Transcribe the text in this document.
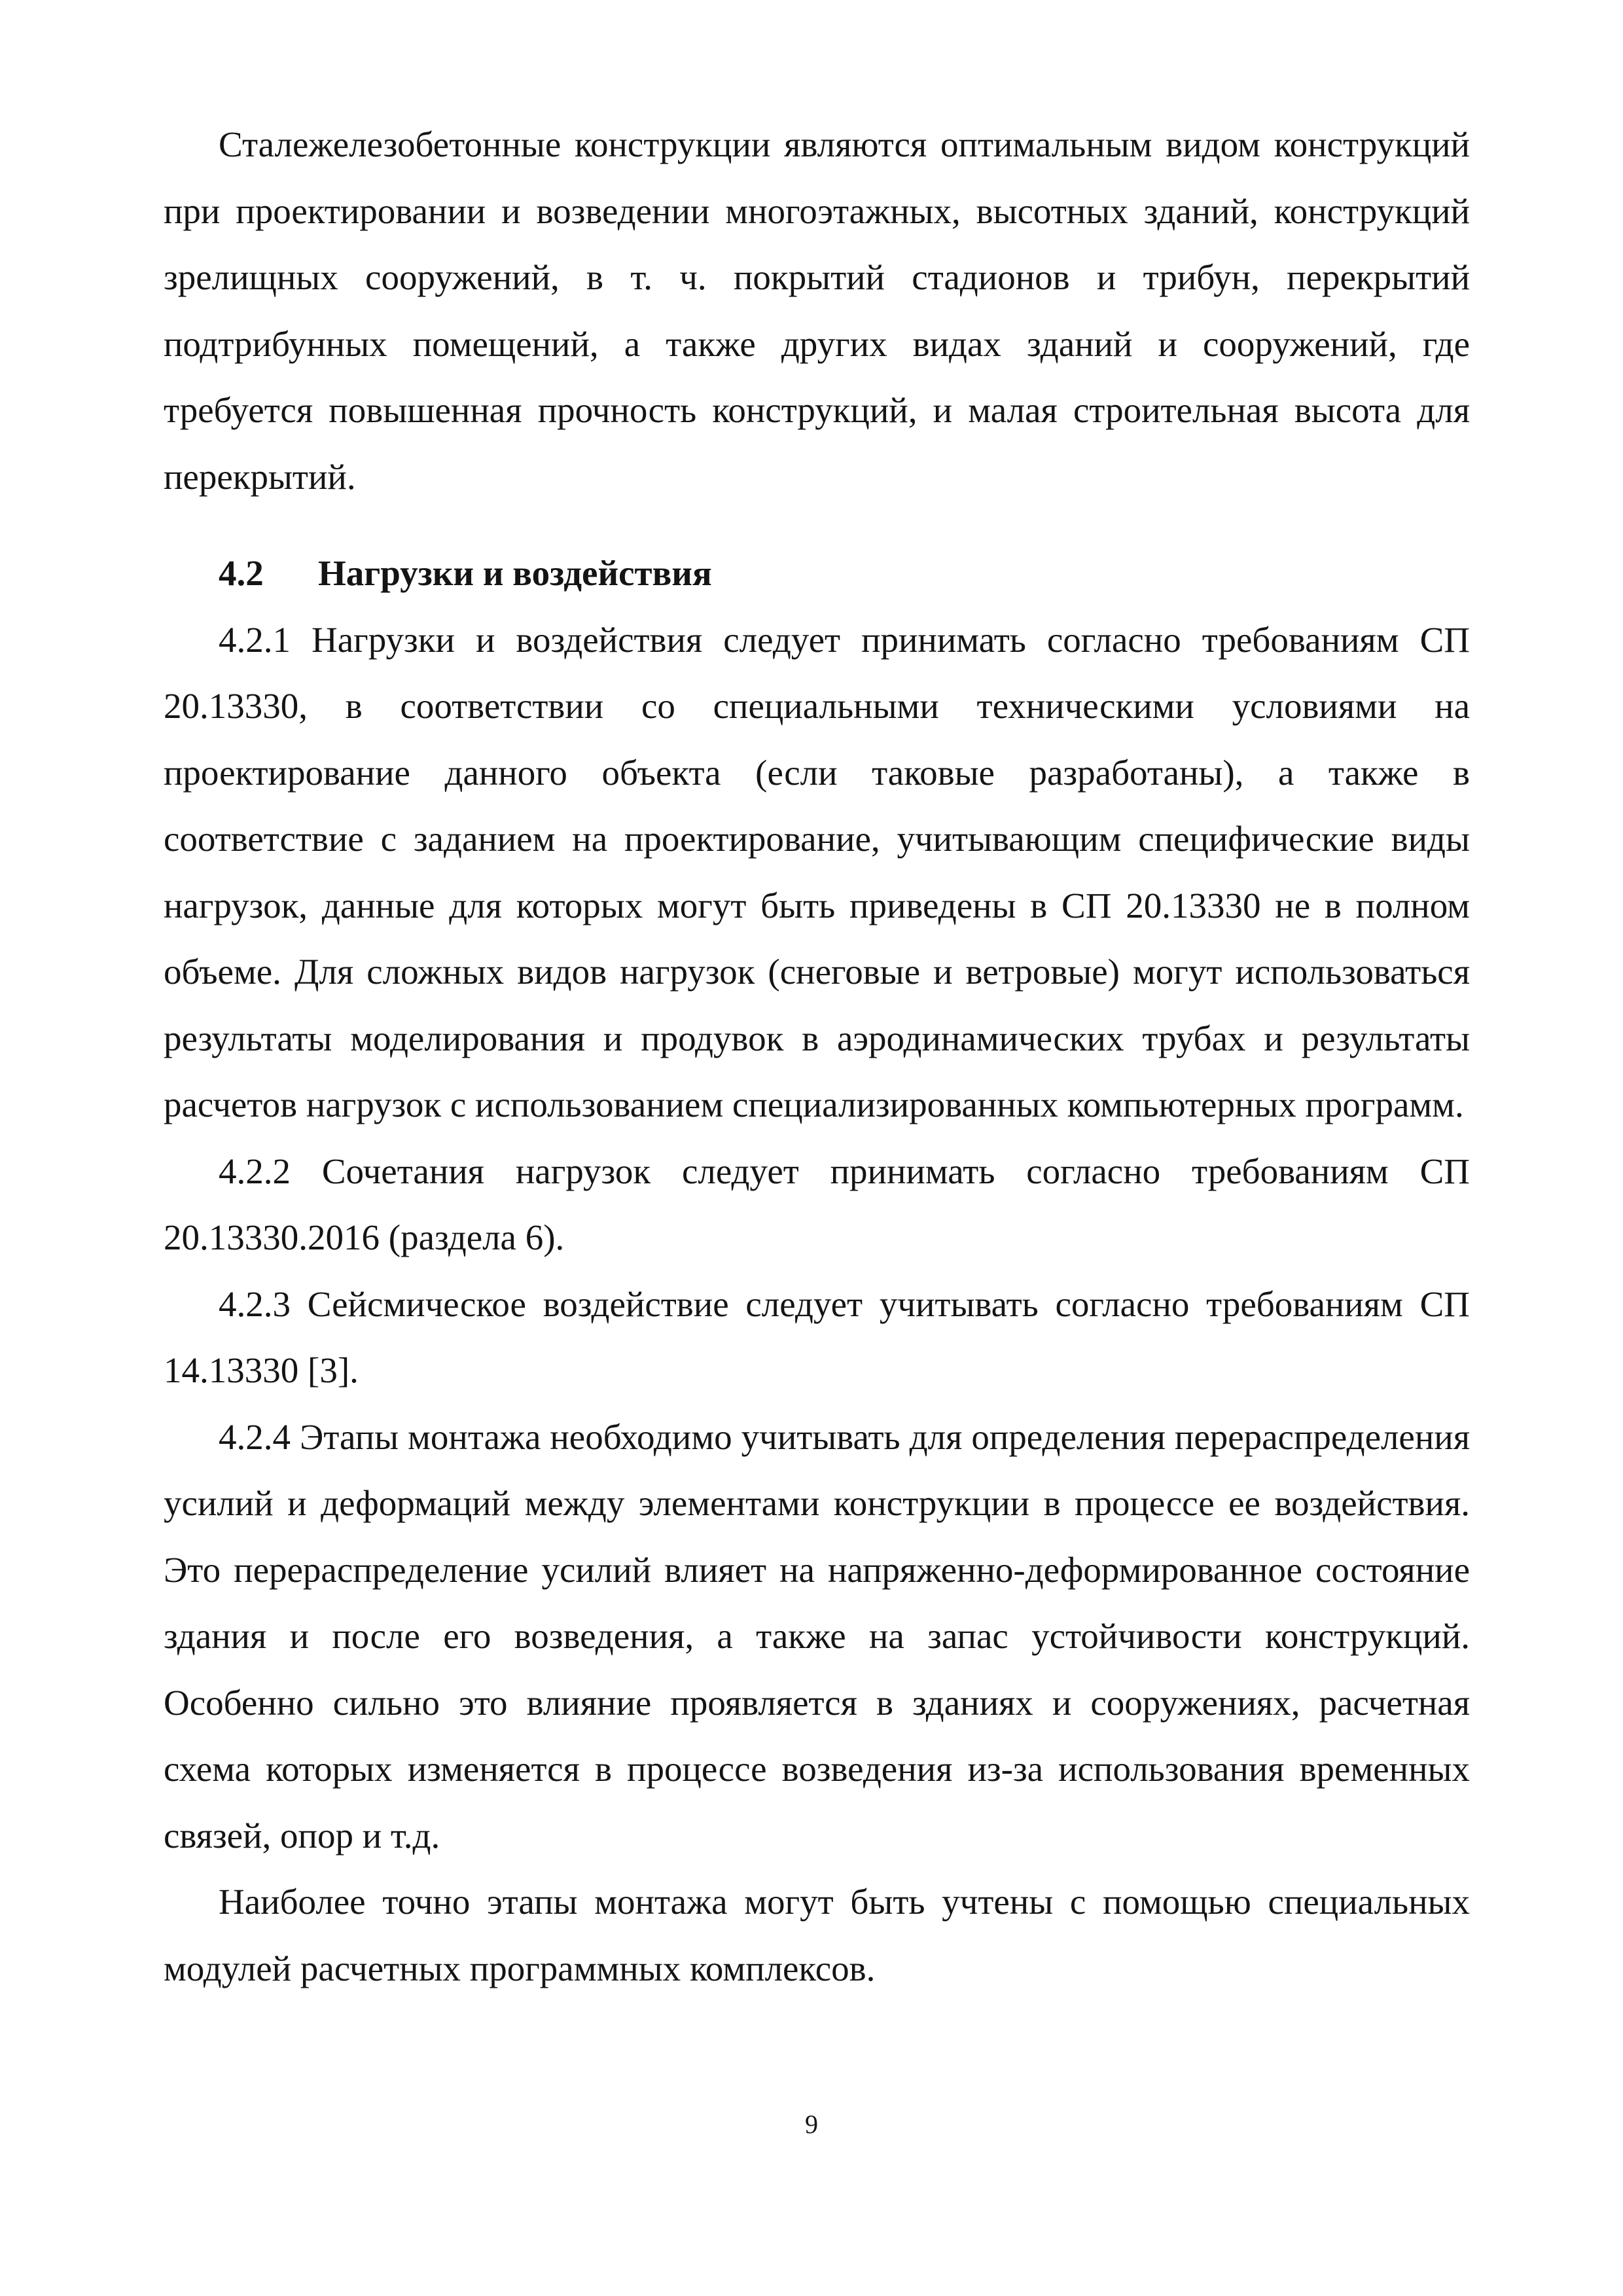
Сталежелезобетонные конструкции являются оптимальным видом конструкций при проектировании и возведении многоэтажных, высотных зданий, конструкций зрелищных сооружений, в т. ч. покрытий стадионов и трибун, перекрытий подтрибунных помещений, а также других видах зданий и сооружений, где требуется повышенная прочность конструкций, и малая строительная высота для перекрытий.

4.2 Нагрузки и воздействия

4.2.1 Нагрузки и воздействия следует принимать согласно требованиям СП 20.13330, в соответствии со специальными техническими условиями на проектирование данного объекта (если таковые разработаны), а также в соответствие с заданием на проектирование, учитывающим специфические виды нагрузок, данные для которых могут быть приведены в СП 20.13330 не в полном объеме. Для сложных видов нагрузок (снеговые и ветровые) могут использоваться результаты моделирования и продувок в аэродинамических трубах и результаты расчетов нагрузок с использованием специализированных компьютерных программ.

4.2.2 Сочетания нагрузок следует принимать согласно требованиям СП 20.13330.2016 (раздела 6).

4.2.3 Сейсмическое воздействие следует учитывать согласно требованиям СП 14.13330 [3].

4.2.4 Этапы монтажа необходимо учитывать для определения перераспределения усилий и деформаций между элементами конструкции в процессе ее воздействия. Это перераспределение усилий влияет на напряженно-деформированное состояние здания и после его возведения, а также на запас устойчивости конструкций. Особенно сильно это влияние проявляется в зданиях и сооружениях, расчетная схема которых изменяется в процессе возведения из-за использования временных связей, опор и т.д.

Наиболее точно этапы монтажа могут быть учтены с помощью специальных модулей расчетных программных комплексов.

9
